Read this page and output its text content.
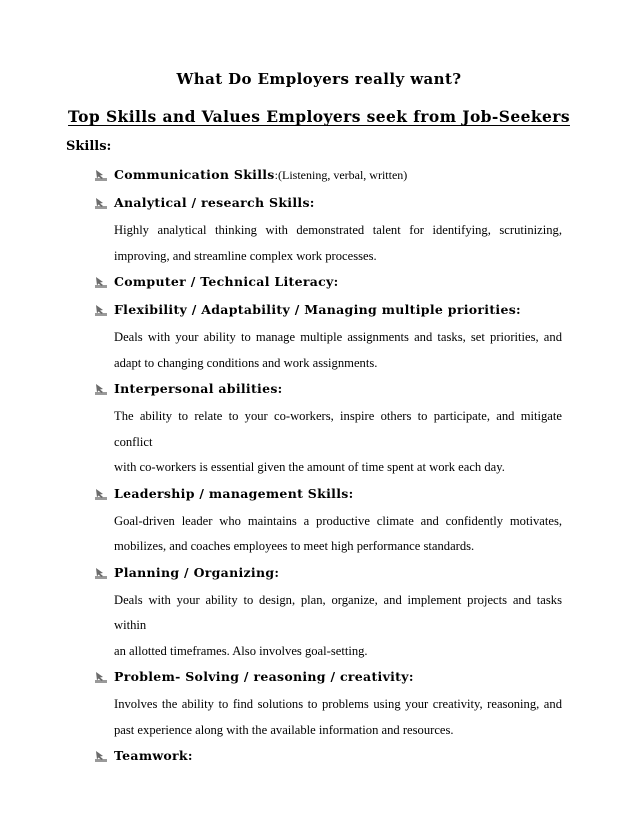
What Do Employers really want?
Top Skills and Values Employers seek from Job-Seekers
Skills:
Communication Skills:(Listening, verbal, written)
Analytical / research Skills:
Highly analytical thinking with demonstrated talent for identifying, scrutinizing,
improving, and streamline complex work processes.
Computer / Technical Literacy:
Flexibility / Adaptability / Managing multiple priorities:
Deals with your ability to manage multiple assignments and tasks, set priorities, and
adapt to changing conditions and work assignments.
Interpersonal abilities:
The ability to relate to your co-workers, inspire others to participate, and mitigate conflict
with co-workers is essential given the amount of time spent at work each day.
Leadership / management Skills:
Goal-driven leader who maintains a productive climate and confidently motivates,
mobilizes, and coaches employees to meet high performance standards.
Planning / Organizing:
Deals with your ability to design, plan, organize, and implement projects and tasks within
an allotted timeframes. Also involves goal-setting.
Problem- Solving / reasoning / creativity:
Involves the ability to find solutions to problems using your creativity, reasoning, and
past experience along with the available information and resources.
Teamwork:
